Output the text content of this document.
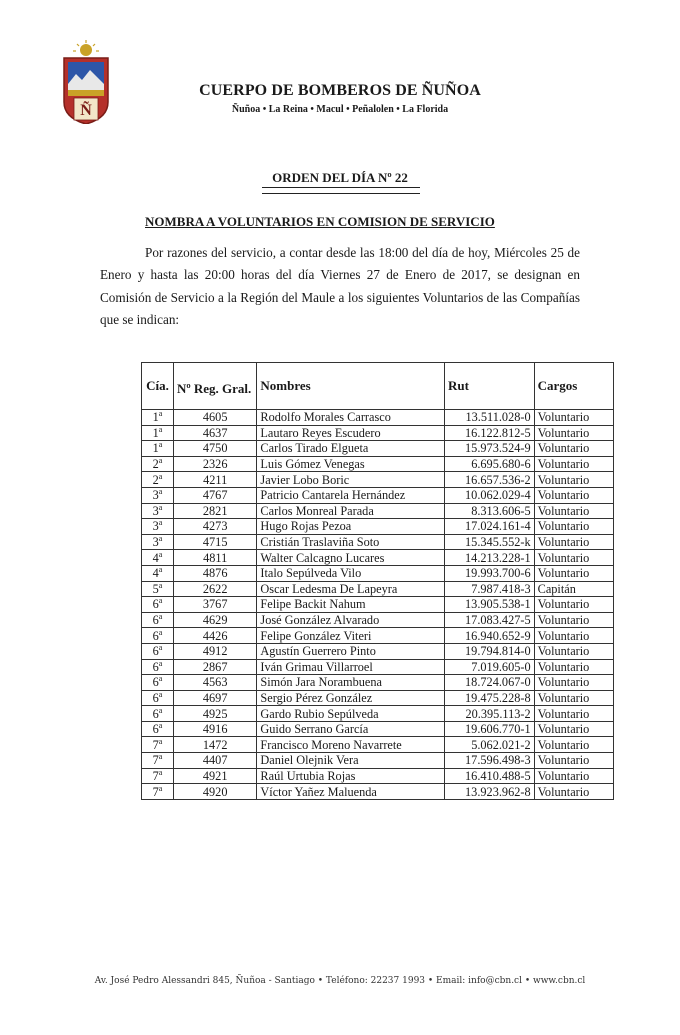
Ñ
CUERPO DE BOMBEROS DE ÑUÑOA
Ñuñoa • La Reina • Macul • Peñalolen • La Florida
ORDEN DEL DÍA Nº 22
NOMBRA A VOLUNTARIOS EN COMISION DE SERVICIO
Por razones del servicio, a contar desde las 18:00 del día de hoy, Miércoles 25 de Enero y hasta las 20:00 horas del día Viernes 27 de Enero de 2017, se designan en Comisión de Servicio a la Región del Maule a los siguientes Voluntarios de las Compañías que se indican:
Cía.	Nº Reg. Gral.	Nombres	Rut	Cargos
1$^a$	4605	Rodolfo Morales Carrasco	13.511.028-0	Voluntario
1$^a$	4637	Lautaro Reyes Escudero	16.122.812-5	Voluntario
1$^a$	4750	Carlos Tirado Elgueta	15.973.524-9	Voluntario
2$^a$	2326	Luis Gómez Venegas	6.695.680-6	Voluntario
2$^a$	4211	Javier Lobo Boric	16.657.536-2	Voluntario
3$^a$	4767	Patricio Cantarela Hernández	10.062.029-4	Voluntario
3$^a$	2821	Carlos Monreal Parada	8.313.606-5	Voluntario
3$^a$	4273	Hugo Rojas Pezoa	17.024.161-4	Voluntario
3$^a$	4715	Cristián Traslaviña Soto	15.345.552-k	Voluntario
4$^a$	4811	Walter Calcagno Lucares	14.213.228-1	Voluntario
4$^a$	4876	Italo Sepúlveda Vilo	19.993.700-6	Voluntario
5$^a$	2622	Oscar Ledesma De Lapeyra	7.987.418-3	Capitán
6$^a$	3767	Felipe Backit Nahum	13.905.538-1	Voluntario
6$^a$	4629	José González Alvarado	17.083.427-5	Voluntario
6$^a$	4426	Felipe González Viteri	16.940.652-9	Voluntario
6$^a$	4912	Agustín Guerrero Pinto	19.794.814-0	Voluntario
6$^a$	2867	Iván Grimau Villarroel	7.019.605-0	Voluntario
6$^a$	4563	Simón Jara Norambuena	18.724.067-0	Voluntario
6$^a$	4697	Sergio Pérez González	19.475.228-8	Voluntario
6$^a$	4925	Gardo Rubio Sepúlveda	20.395.113-2	Voluntario
6$^a$	4916	Guido Serrano García	19.606.770-1	Voluntario
7$^a$	1472	Francisco Moreno Navarrete	5.062.021-2	Voluntario
7$^a$	4407	Daniel Olejnik Vera	17.596.498-3	Voluntario
7$^a$	4921	Raúl Urtubia Rojas	16.410.488-5	Voluntario
7$^a$	4920	Víctor Yañez Maluenda	13.923.962-8	Voluntario
Av. José Pedro Alessandri 845, Ñuñoa - Santiago • Teléfono: 22237 1993 • Email: info@cbn.cl • www.cbn.cl
